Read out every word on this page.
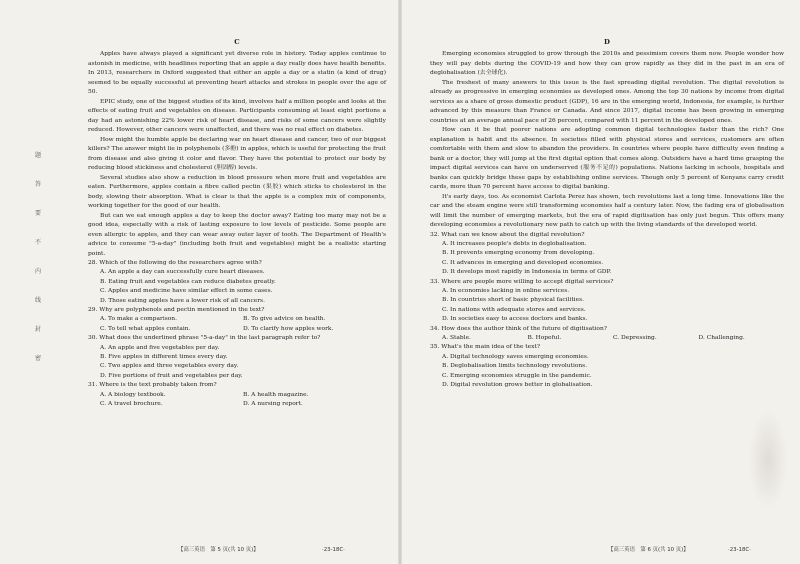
C

Apples have always played a significant yet diverse role in history. Today apples continue to astonish in medicine, with headlines reporting that an apple a day really does have health benefits. In 2013, researchers in Oxford suggested that either an apple a day or a statin (a kind of drug) seemed to be equally successful at preventing heart attacks and strokes in people over the age of 50.

EPIC study, one of the biggest studies of its kind, involves half a million people and looks at the effects of eating fruit and vegetables on disease. Participants consuming at least eight portions a day had an astonishing 22% lower risk of heart disease, and risks of some cancers were slightly reduced. However, other cancers were unaffected, and there was no real effect on diabetes.

How might the humble apple be declaring war on heart disease and cancer, two of our biggest killers? The answer might lie in polyphenols (多酚) in apples, which is useful for protecting the fruit from disease and also giving it color and flavor. They have the potential to protect our body by reducing blood stickiness and cholesterol (胆固醇) levels.

Several studies also show a reduction in blood pressure when more fruit and vegetables are eaten. Furthermore, apples contain a fibre called pectin (果胶) which sticks to cholesterol in the body, slowing their absorption. What is clear is that the apple is a complex mix of components, working together for the good of our health.

But can we eat enough apples a day to keep the doctor away? Eating too many may not be a good idea, especially with a risk of lasting exposure to low levels of pesticide. Some people are even allergic to apples, and they can wear away outer layer of tooth. The Department of Health's advice to consume "5-a-day" (including both fruit and vegetables) might be a realistic starting point.

28. Which of the following do the researchers agree with?
A. An apple a day can successfully cure heart diseases.
B. Eating fruit and vegetables can reduce diabetes greatly.
C. Apples and medicine have similar effect in some cases.
D. Those eating apples have a lower risk of all cancers.
29. Why are polyphenols and pectin mentioned in the text?
A. To make a comparison.	B. To give advice on health.
C. To tell what apples contain.	D. To clarify how apples work.
30. What does the underlined phrase "5-a-day" in the last paragraph refer to?
A. An apple and five vegetables per day.
B. Five apples in different times every day.
C. Two apples and three vegetables every day.
D. Five portions of fruit and vegetables per day.
31. Where is the text probably taken from?
A. A biology textbook.	B. A health magazine.
C. A travel brochure.	D. A nursing report.
【高三英语　第 5 页(共 10 页)】	·23-18C·
题
答
要
不
内
线
封
密
D

Emerging economies struggled to grow through the 2010s and pessimism covers them now. People wonder how they will pay debts during the COVID-19 and how they can grow rapidly as they did in the past in an era of deglobalisation (去全球化).

The freshest of many answers to this issue is the fast spreading digital revolution. The digital revolution is already as progressive in emerging economies as developed ones. Among the top 30 nations by income from digital services as a share of gross domestic product (GDP), 16 are in the emerging world, Indonesia, for example, is further advanced by this measure than France or Canada. And since 2017, digital income has been growing in emerging countries at an average annual pace of 26 percent, compared with 11 percent in the developed ones.

How can it be that poorer nations are adopting common digital technologies faster than the rich? One explanation is habit and its absence. In societies filled with physical stores and services, customers are often comfortable with them and slow to abandon the providers. In countries where people have difficulty even finding a bank or a doctor, they will jump at the first digital option that comes along. Outsiders have a hard time grasping the impact digital services can have on underserved (服务不足的) populations. Nations lacking in schools, hospitals and banks can quickly bridge these gaps by establishing online services. Though only 5 percent of Kenyans carry credit cards, more than 70 percent have access to digital banking.

It's early days, too. As economist Carlota Perez has shown, tech revolutions last a long time. Innovations like the car and the steam engine were still transforming economies half a century later. Now, the fading era of globalisation will limit the number of emerging markets, but the era of rapid digitisation has only just begun. This offers many developing economies a revolutionary new path to catch up with the living standards of the developed world.

32. What can we know about the digital revolution?
A. It increases people's debts in deglobalisation.
B. It prevents emerging economy from developing.
C. It advances in emerging and developed economies.
D. It develops most rapidly in Indonesia in terms of GDP.
33. Where are people more willing to accept digital services?
A. In economies lacking in online services.
B. In countries short of basic physical facilities.
C. In nations with adequate stores and services.
D. In societies easy to access doctors and banks.
34. How does the author think of the future of digitisation?
A. Stable.	B. Hopeful.	C. Depressing.	D. Challenging.
35. What's the main idea of the text?
A. Digital technology saves emerging economies.
B. Deglobalisation limits technology revolutions.
C. Emerging economies struggle in the pandemic.
D. Digital revolution grows better in globalisation.
【高三英语　第 6 页(共 10 页)】	·23-18C·
